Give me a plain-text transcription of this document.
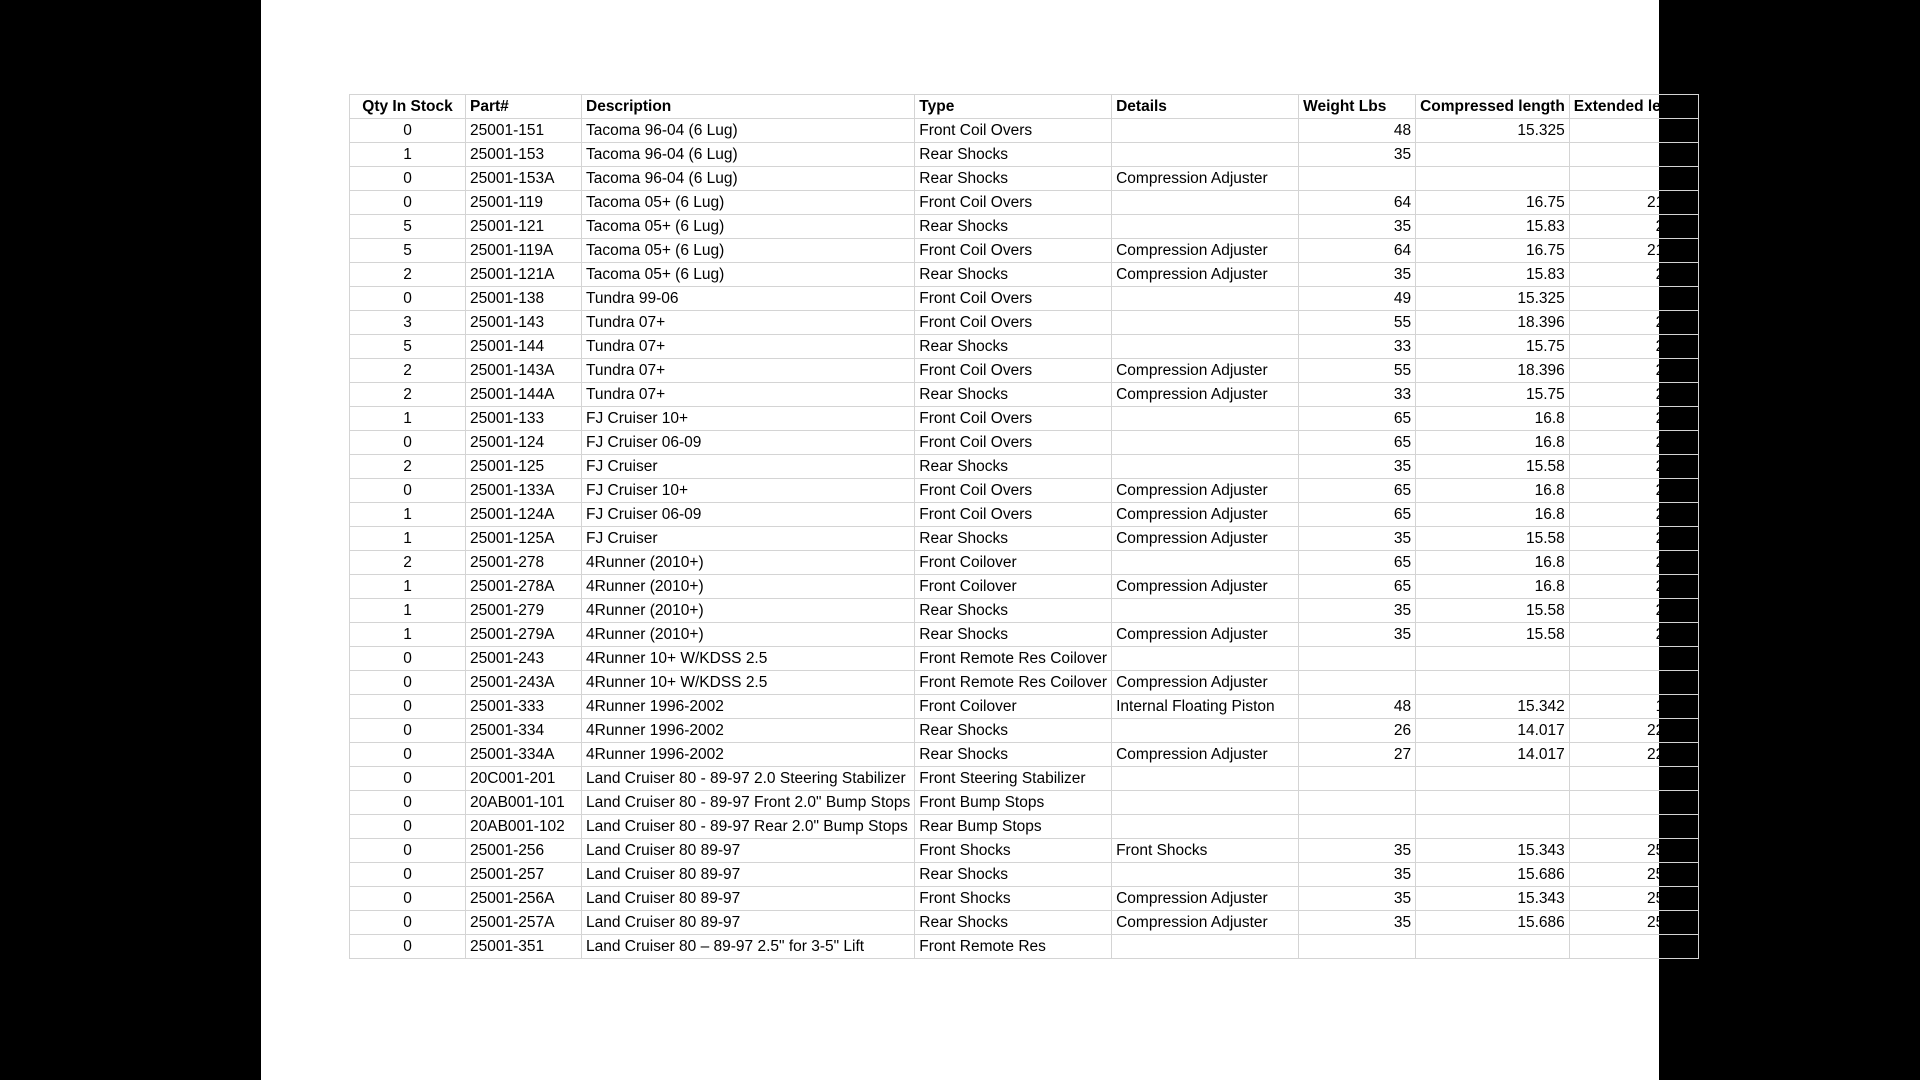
Qty In Stock	Part#	Description	Type	Details	Weight Lbs	Compressed length	Extended length
0	25001-151	Tacoma 96-04 (6 Lug)	Front Coil Overs		48	15.325	19.5
1	25001-153	Tacoma 96-04 (6 Lug)	Rear Shocks		35		
0	25001-153A	Tacoma 96-04 (6 Lug)	Rear Shocks	Compression Adjuster			
0	25001-119	Tacoma 05+ (6 Lug)	Front Coil Overs		64	16.75	21.687
5	25001-121	Tacoma 05+ (6 Lug)	Rear Shocks		35	15.83	24.29
5	25001-119A	Tacoma 05+ (6 Lug)	Front Coil Overs	Compression Adjuster	64	16.75	21.687
2	25001-121A	Tacoma 05+ (6 Lug)	Rear Shocks	Compression Adjuster	35	15.83	24.29
0	25001-138	Tundra 99-06	Front Coil Overs		49	15.325	19.5
3	25001-143	Tundra 07+	Front Coil Overs		55	18.396	25.27
5	25001-144	Tundra 07+	Rear Shocks		33	15.75	25.88
2	25001-143A	Tundra 07+	Front Coil Overs	Compression Adjuster	55	18.396	25.27
2	25001-144A	Tundra 07+	Rear Shocks	Compression Adjuster	33	15.75	25.88
1	25001-133	FJ Cruiser 10+	Front Coil Overs		65	16.8	21.69
0	25001-124	FJ Cruiser 06-09	Front Coil Overs		65	16.8	21.69
2	25001-125	FJ Cruiser	Rear Shocks		35	15.58	24.29
0	25001-133A	FJ Cruiser 10+	Front Coil Overs	Compression Adjuster	65	16.8	21.69
1	25001-124A	FJ Cruiser 06-09	Front Coil Overs	Compression Adjuster	65	16.8	21.69
1	25001-125A	FJ Cruiser	Rear Shocks	Compression Adjuster	35	15.58	24.29
2	25001-278	4Runner (2010+)	Front Coilover		65	16.8	21.69
1	25001-278A	4Runner (2010+)	Front Coilover	Compression Adjuster	65	16.8	21.69
1	25001-279	4Runner (2010+)	Rear Shocks		35	15.58	24.29
1	25001-279A	4Runner (2010+)	Rear Shocks	Compression Adjuster	35	15.58	24.29
0	25001-243	4Runner 10+ W/KDSS 2.5	Front Remote Res Coilover				
0	25001-243A	4Runner 10+ W/KDSS 2.5	Front Remote Res Coilover	Compression Adjuster			
0	25001-333	4Runner 1996-2002	Front Coilover	Internal Floating Piston	48	15.342	19.33
0	25001-334	4Runner 1996-2002	Rear Shocks		26	14.017	22.367
0	25001-334A	4Runner 1996-2002	Rear Shocks	Compression Adjuster	27	14.017	22.367
0	20C001-201	Land Cruiser 80 - 89-97 2.0 Steering Stabilizer	Front Steering Stabilizer				
0	20AB001-101	Land Cruiser 80 - 89-97 Front 2.0" Bump Stops	Front Bump Stops				
0	20AB001-102	Land Cruiser 80 - 89-97 Rear 2.0" Bump Stops	Rear Bump Stops				
0	25001-256	Land Cruiser 80 89-97	Front Shocks	Front Shocks	35	15.343	25.368
0	25001-257	Land Cruiser 80 89-97	Rear Shocks		35	15.686	25.584
0	25001-256A	Land Cruiser 80 89-97	Front Shocks	Compression Adjuster	35	15.343	25.368
0	25001-257A	Land Cruiser 80 89-97	Rear Shocks	Compression Adjuster	35	15.686	25.584
0	25001-351	Land Cruiser 80 – 89-97 2.5" for 3-5" Lift	Front Remote Res				
